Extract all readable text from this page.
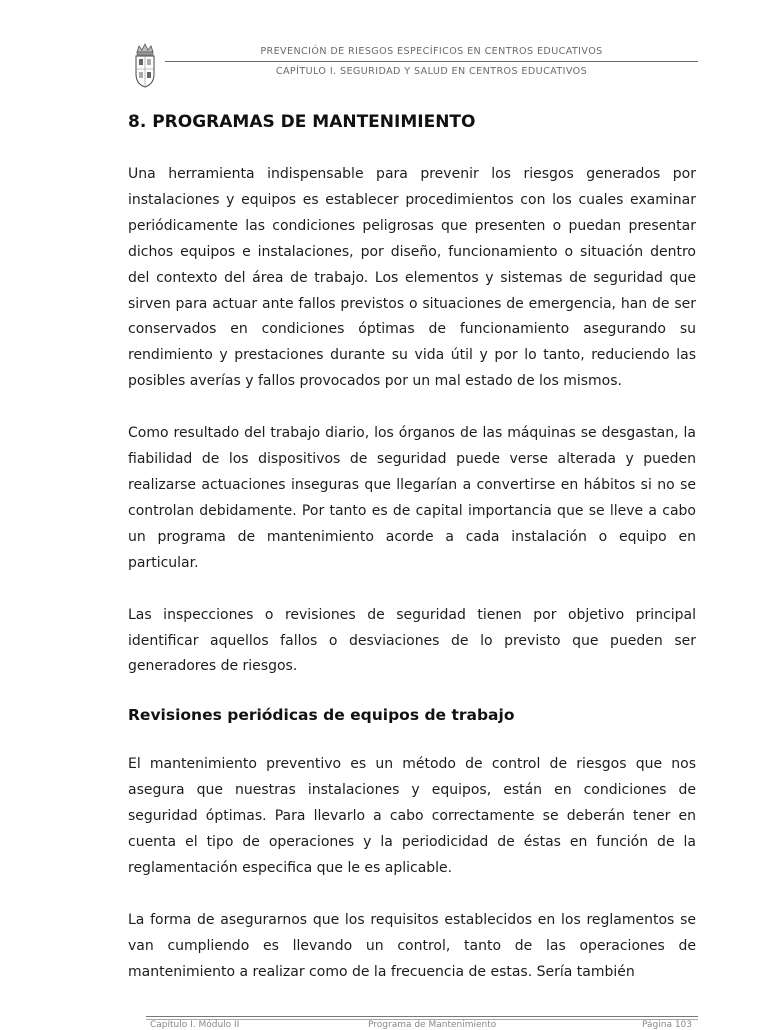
PREVENCIÓN DE RIESGOS ESPECÍFICOS EN CENTROS EDUCATIVOS
CAPÍTULO I. SEGURIDAD Y SALUD EN CENTROS EDUCATIVOS
8. PROGRAMAS DE MANTENIMIENTO

Una herramienta indispensable para prevenir los riesgos generados por instalaciones y equipos es establecer procedimientos con los cuales examinar periódicamente las condiciones peligrosas que presenten o puedan presentar dichos equipos e instalaciones, por diseño, funcionamiento o situación dentro del contexto del área de trabajo. Los elementos y sistemas de seguridad que sirven para actuar ante fallos previstos o situaciones de emergencia, han de ser conservados en condiciones óptimas de funcionamiento asegurando su rendimiento y prestaciones durante su vida útil y por lo tanto, reduciendo las posibles averías y fallos provocados por un mal estado de los mismos.

Como resultado del trabajo diario, los órganos de las máquinas se desgastan, la fiabilidad de los dispositivos de seguridad puede verse alterada y pueden realizarse actuaciones inseguras que llegarían a convertirse en hábitos si no se controlan debidamente. Por tanto es de capital importancia que se lleve a cabo un programa de mantenimiento acorde a cada instalación o equipo en particular.

Las inspecciones o revisiones de seguridad tienen por objetivo principal identificar aquellos fallos o desviaciones de lo previsto que pueden ser generadores de riesgos.

Revisiones periódicas de equipos de trabajo

El mantenimiento preventivo es un método de control de riesgos que nos asegura que nuestras instalaciones y equipos, están en condiciones de seguridad óptimas. Para llevarlo a cabo correctamente se deberán tener en cuenta el tipo de operaciones y la periodicidad de éstas en función de la reglamentación especifica que le es aplicable.

La forma de asegurarnos que los requisitos establecidos en los reglamentos se van cumpliendo es llevando un control, tanto de las operaciones de mantenimiento a realizar como de la frecuencia de estas. Sería también

Capítulo I. Módulo II	Programa de Mantenimiento	Página 103
